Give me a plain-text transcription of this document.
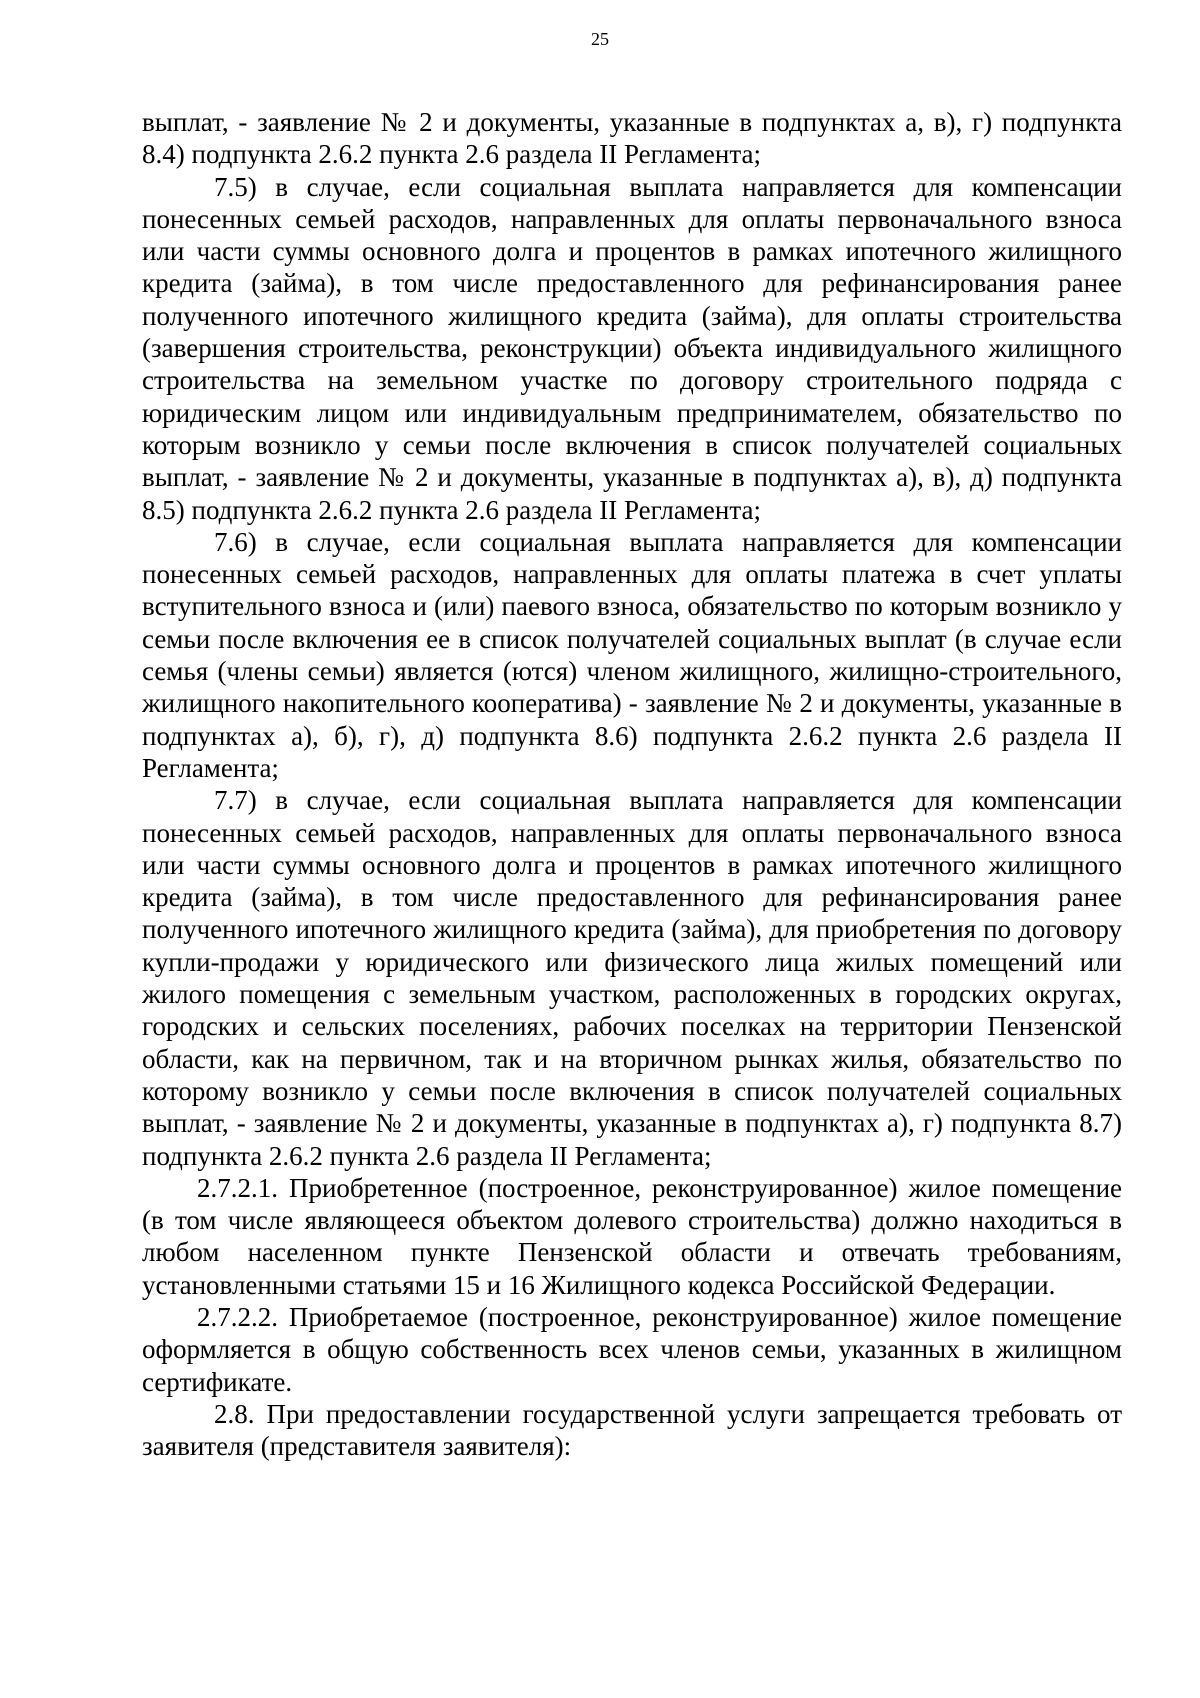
25

выплат, - заявление № 2 и документы, указанные в подпунктах а, в), г) подпункта 8.4) подпункта 2.6.2 пункта 2.6 раздела II Регламента;

7.5) в случае, если социальная выплата направляется для компенсации понесенных семьей расходов, направленных для оплаты первоначального взноса или части суммы основного долга и процентов в рамках ипотечного жилищного кредита (займа), в том числе предоставленного для рефинансирования ранее полученного ипотечного жилищного кредита (займа), для оплаты строительства (завершения строительства, реконструкции) объекта индивидуального жилищного строительства на земельном участке по договору строительного подряда с юридическим лицом или индивидуальным предпринимателем, обязательство по которым возникло у семьи после включения в список получателей социальных выплат, - заявление № 2 и документы, указанные в подпунктах а), в), д) подпункта 8.5) подпункта 2.6.2 пункта 2.6 раздела II Регламента;

7.6) в случае, если социальная выплата направляется для компенсации понесенных семьей расходов, направленных для оплаты платежа в счет уплаты вступительного взноса и (или) паевого взноса, обязательство по которым возникло у семьи после включения ее в список получателей социальных выплат (в случае если семья (члены семьи) является (ются) членом жилищного, жилищно-строительного, жилищного накопительного кооператива) - заявление № 2 и документы, указанные в подпунктах а), б), г), д) подпункта 8.6) подпункта 2.6.2 пункта 2.6 раздела II Регламента;

7.7) в случае, если социальная выплата направляется для компенсации понесенных семьей расходов, направленных для оплаты первоначального взноса или части суммы основного долга и процентов в рамках ипотечного жилищного кредита (займа), в том числе предоставленного для рефинансирования ранее полученного ипотечного жилищного кредита (займа), для приобретения по договору купли-продажи у юридического или физического лица жилых помещений или жилого помещения с земельным участком, расположенных в городских округах, городских и сельских поселениях, рабочих поселках на территории Пензенской области, как на первичном, так и на вторичном рынках жилья, обязательство по которому возникло у семьи после включения в список получателей социальных выплат, - заявление № 2 и документы, указанные в подпунктах а), г) подпункта 8.7) подпункта 2.6.2 пункта 2.6 раздела II Регламента;

2.7.2.1. Приобретенное (построенное, реконструированное) жилое помещение (в том числе являющееся объектом долевого строительства) должно находиться в любом населенном пункте Пензенской области и отвечать требованиям, установленными статьями 15 и 16 Жилищного кодекса Российской Федерации.

2.7.2.2. Приобретаемое (построенное, реконструированное) жилое помещение оформляется в общую собственность всех членов семьи, указанных в жилищном сертификате.

2.8. При предоставлении государственной услуги запрещается требовать от заявителя (представителя заявителя):
